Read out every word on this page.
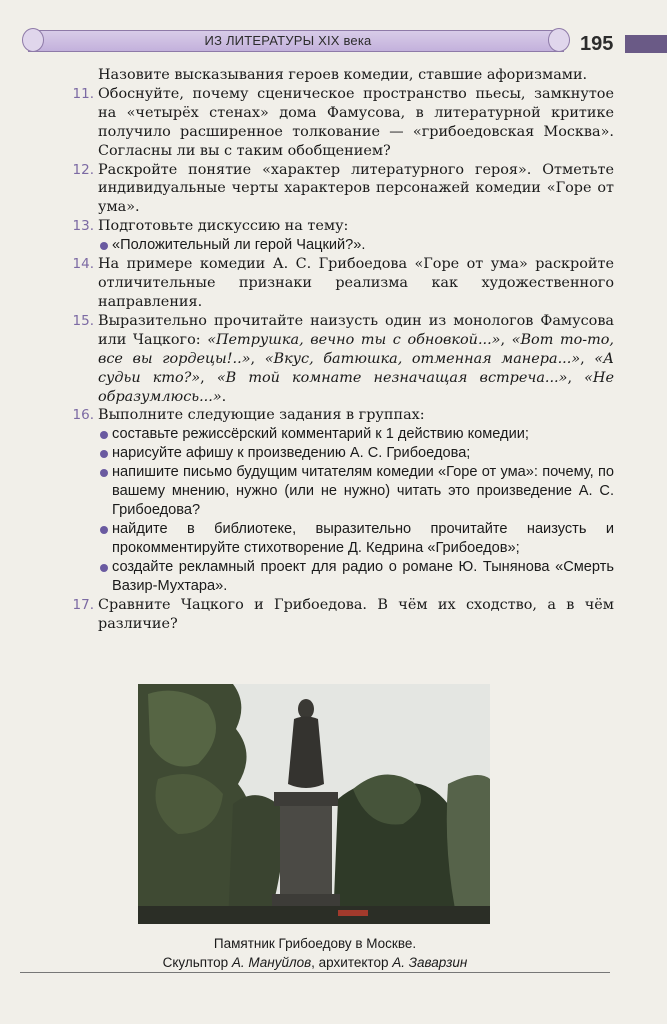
ИЗ ЛИТЕРАТУРЫ XIX века	195

Назовите высказывания героев комедии, ставшие афоризмами.

11. Обоснуйте, почему сценическое пространство пьесы, замкнутое на «четырёх стенах» дома Фамусова, в литературной критике получило расширенное толкование — «грибоедовская Москва». Согласны ли вы с таким обобщением?

12. Раскройте понятие «характер литературного героя». Отметьте индивидуальные черты характеров персонажей комедии «Горе от ума».

13. Подготовьте дискуссию на тему:

«Положительный ли герой Чацкий?».

14. На примере комедии А. С. Грибоедова «Горе от ума» раскройте отличительные признаки реализма как художественного направления.

15. Выразительно прочитайте наизусть один из монологов Фамусова или Чацкого: «Петрушка, вечно ты с обновкой...», «Вот то-то, все вы гордецы!..», «Вкус, батюшка, отменная манера...», «А судьи кто?», «В той комнате незначащая встреча...», «Не образумлюсь...».

16. Выполните следующие задания в группах:

составьте режиссёрский комментарий к 1 действию комедии;

нарисуйте афишу к произведению А. С. Грибоедова;

напишите письмо будущим читателям комедии «Горе от ума»: почему, по вашему мнению, нужно (или не нужно) читать это произведение А. С. Грибоедова?

найдите в библиотеке, выразительно прочитайте наизусть и прокомментируйте стихотворение Д. Кедрина «Грибоедов»;

создайте рекламный проект для радио о романе Ю. Тынянова «Смерть Вазир-Мухтара».

17. Сравните Чацкого и Грибоедова. В чём их сходство, а в чём различие?

Памятник Грибоедову в Москве.
Скульптор А. Мануйлов, архитектор А. Заварзин
